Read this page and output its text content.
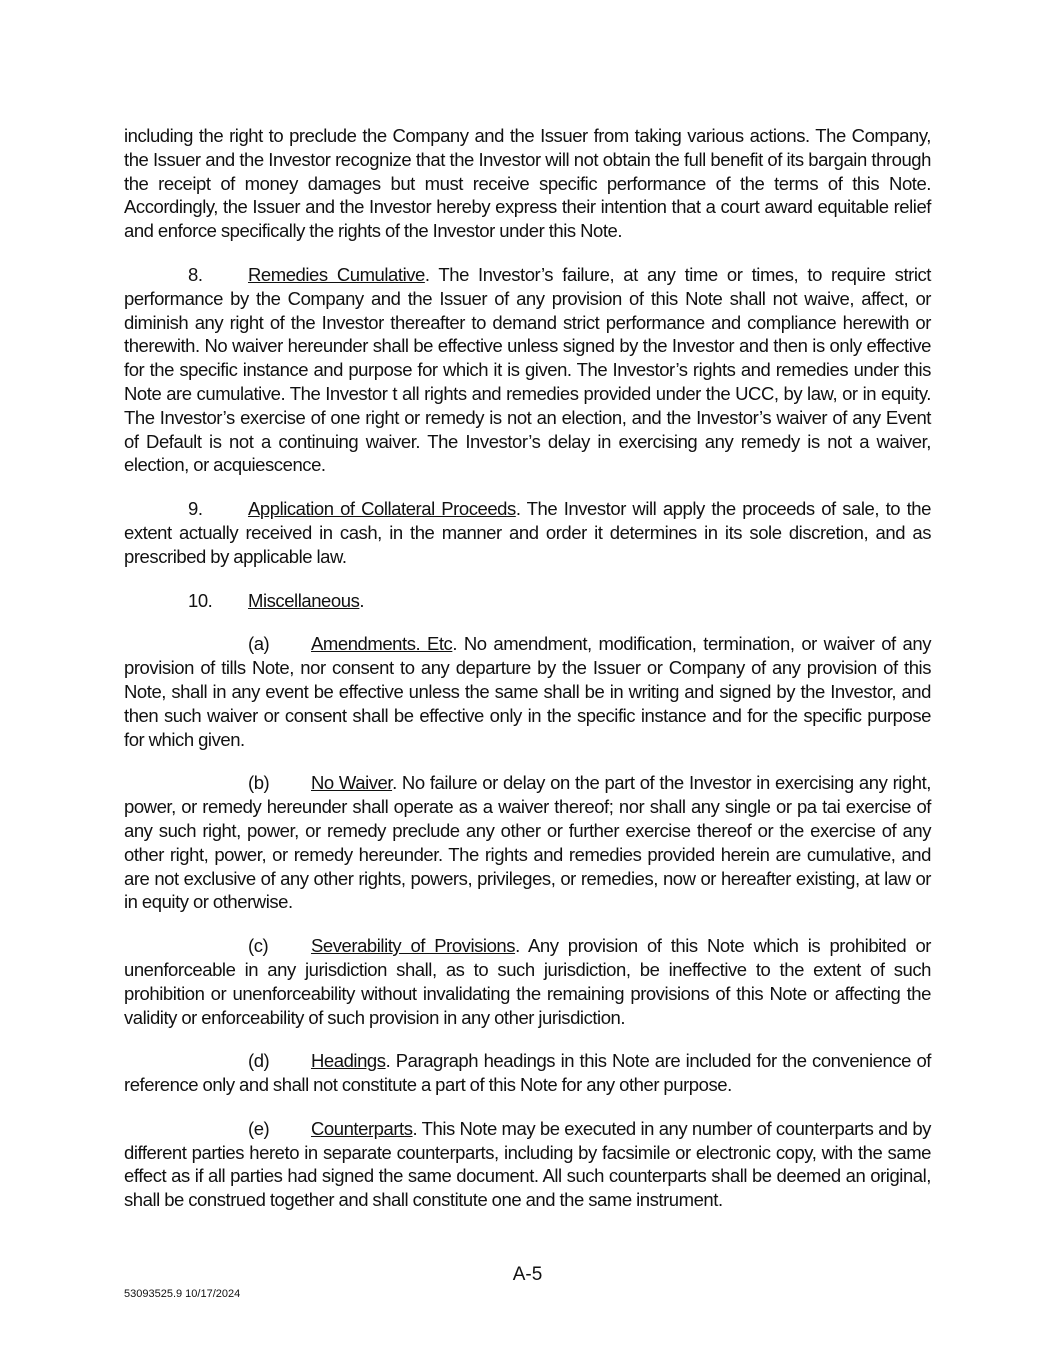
including the right to preclude the Company and the Issuer from taking various actions. The Company, the Issuer and the Investor recognize that the Investor will not obtain the full benefit of its bargain through the receipt of money damages but must receive specific performance of the terms of this Note. Accordingly, the Issuer and the Investor hereby express their intention that a court award equitable relief and enforce specifically the rights of the Investor under this Note.

8. Remedies Cumulative. The Investor’s failure, at any time or times, to require strict performance by the Company and the Issuer of any provision of this Note shall not waive, affect, or diminish any right of the Investor thereafter to demand strict performance and compliance herewith or therewith. No waiver hereunder shall be effective unless signed by the Investor and then is only effective for the specific instance and purpose for which it is given. The Investor’s rights and remedies under this Note are cumulative. The Investor t all rights and remedies provided under the UCC, by law, or in equity. The Investor’s exercise of one right or remedy is not an election, and the Investor’s waiver of any Event of Default is not a continuing waiver. The Investor’s delay in exercising any remedy is not a waiver, election, or acquiescence.

9. Application of Collateral Proceeds. The Investor will apply the proceeds of sale, to the extent actually received in cash, in the manner and order it determines in its sole discretion, and as prescribed by applicable law.

10. Miscellaneous.

(a) Amendments. Etc. No amendment, modification, termination, or waiver of any provision of tills Note, nor consent to any departure by the Issuer or Company of any provision of this Note, shall in any event be effective unless the same shall be in writing and signed by the Investor, and then such waiver or consent shall be effective only in the specific instance and for the specific purpose for which given.

(b) No Waiver. No failure or delay on the part of the Investor in exercising any right, power, or remedy hereunder shall operate as a waiver thereof; nor shall any single or pa tai exercise of any such right, power, or remedy preclude any other or further exercise thereof or the exercise of any other right, power, or remedy hereunder. The rights and remedies provided herein are cumulative, and are not exclusive of any other rights, powers, privileges, or remedies, now or hereafter existing, at law or in equity or otherwise.

(c) Severability of Provisions. Any provision of this Note which is prohibited or unenforceable in any jurisdiction shall, as to such jurisdiction, be ineffective to the extent of such prohibition or unenforceability without invalidating the remaining provisions of this Note or affecting the validity or enforceability of such provision in any other jurisdiction.

(d) Headings. Paragraph headings in this Note are included for the convenience of reference only and shall not constitute a part of this Note for any other purpose.

(e) Counterparts. This Note may be executed in any number of counterparts and by different parties hereto in separate counterparts, including by facsimile or electronic copy, with the same effect as if all parties had signed the same document. All such counterparts shall be deemed an original, shall be construed together and shall constitute one and the same instrument.

A-5
53093525.9 10/17/2024
